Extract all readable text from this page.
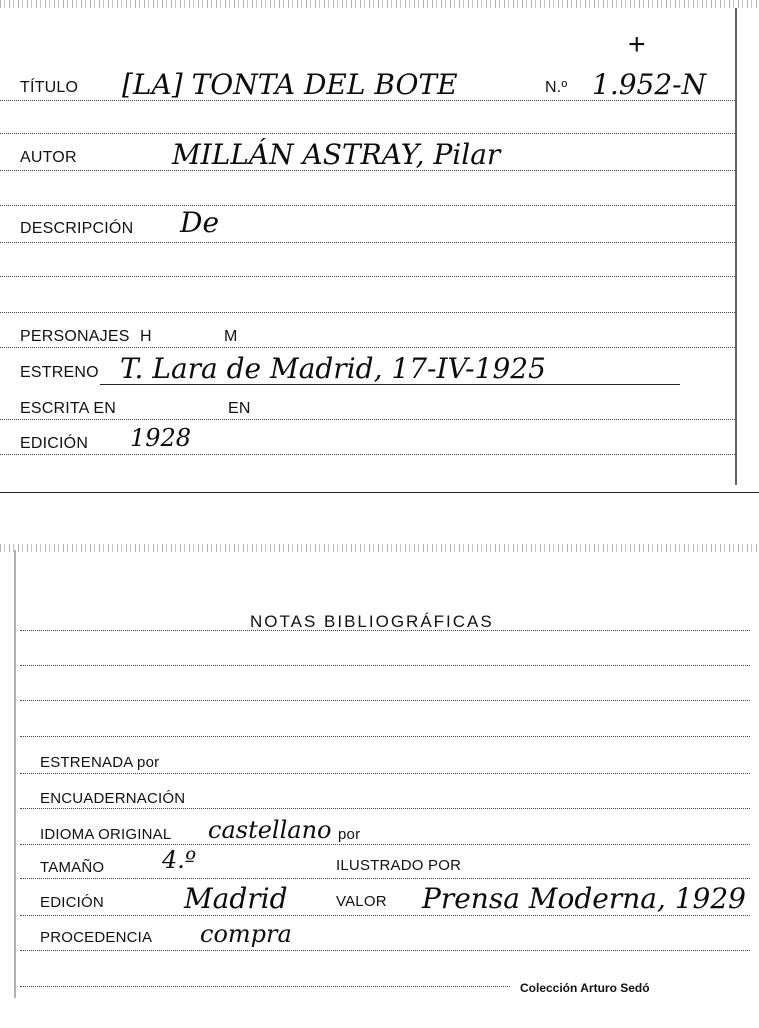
+
TÍTULO [LA] TONTA DEL BOTE	N.º 1.952-N
AUTOR	MILLÁN ASTRAY, Pilar
DESCRIPCIÓN De
PERSONAJES H	M
ESTRENO T. Lara de Madrid, 17-IV-1925
ESCRITA EN	EN
EDICIÓN 1928
NOTAS BIBLIOGRÁFICAS
ESTRENADA por
ENCUADERNACIÓN
IDIOMA ORIGINAL castellano por
TAMAÑO 4.º	ILUSTRADO POR
EDICIÓN	Madrid	VALOR Prensa Moderna, 1929
PROCEDENCIA compra
Colección Arturo Sedó
